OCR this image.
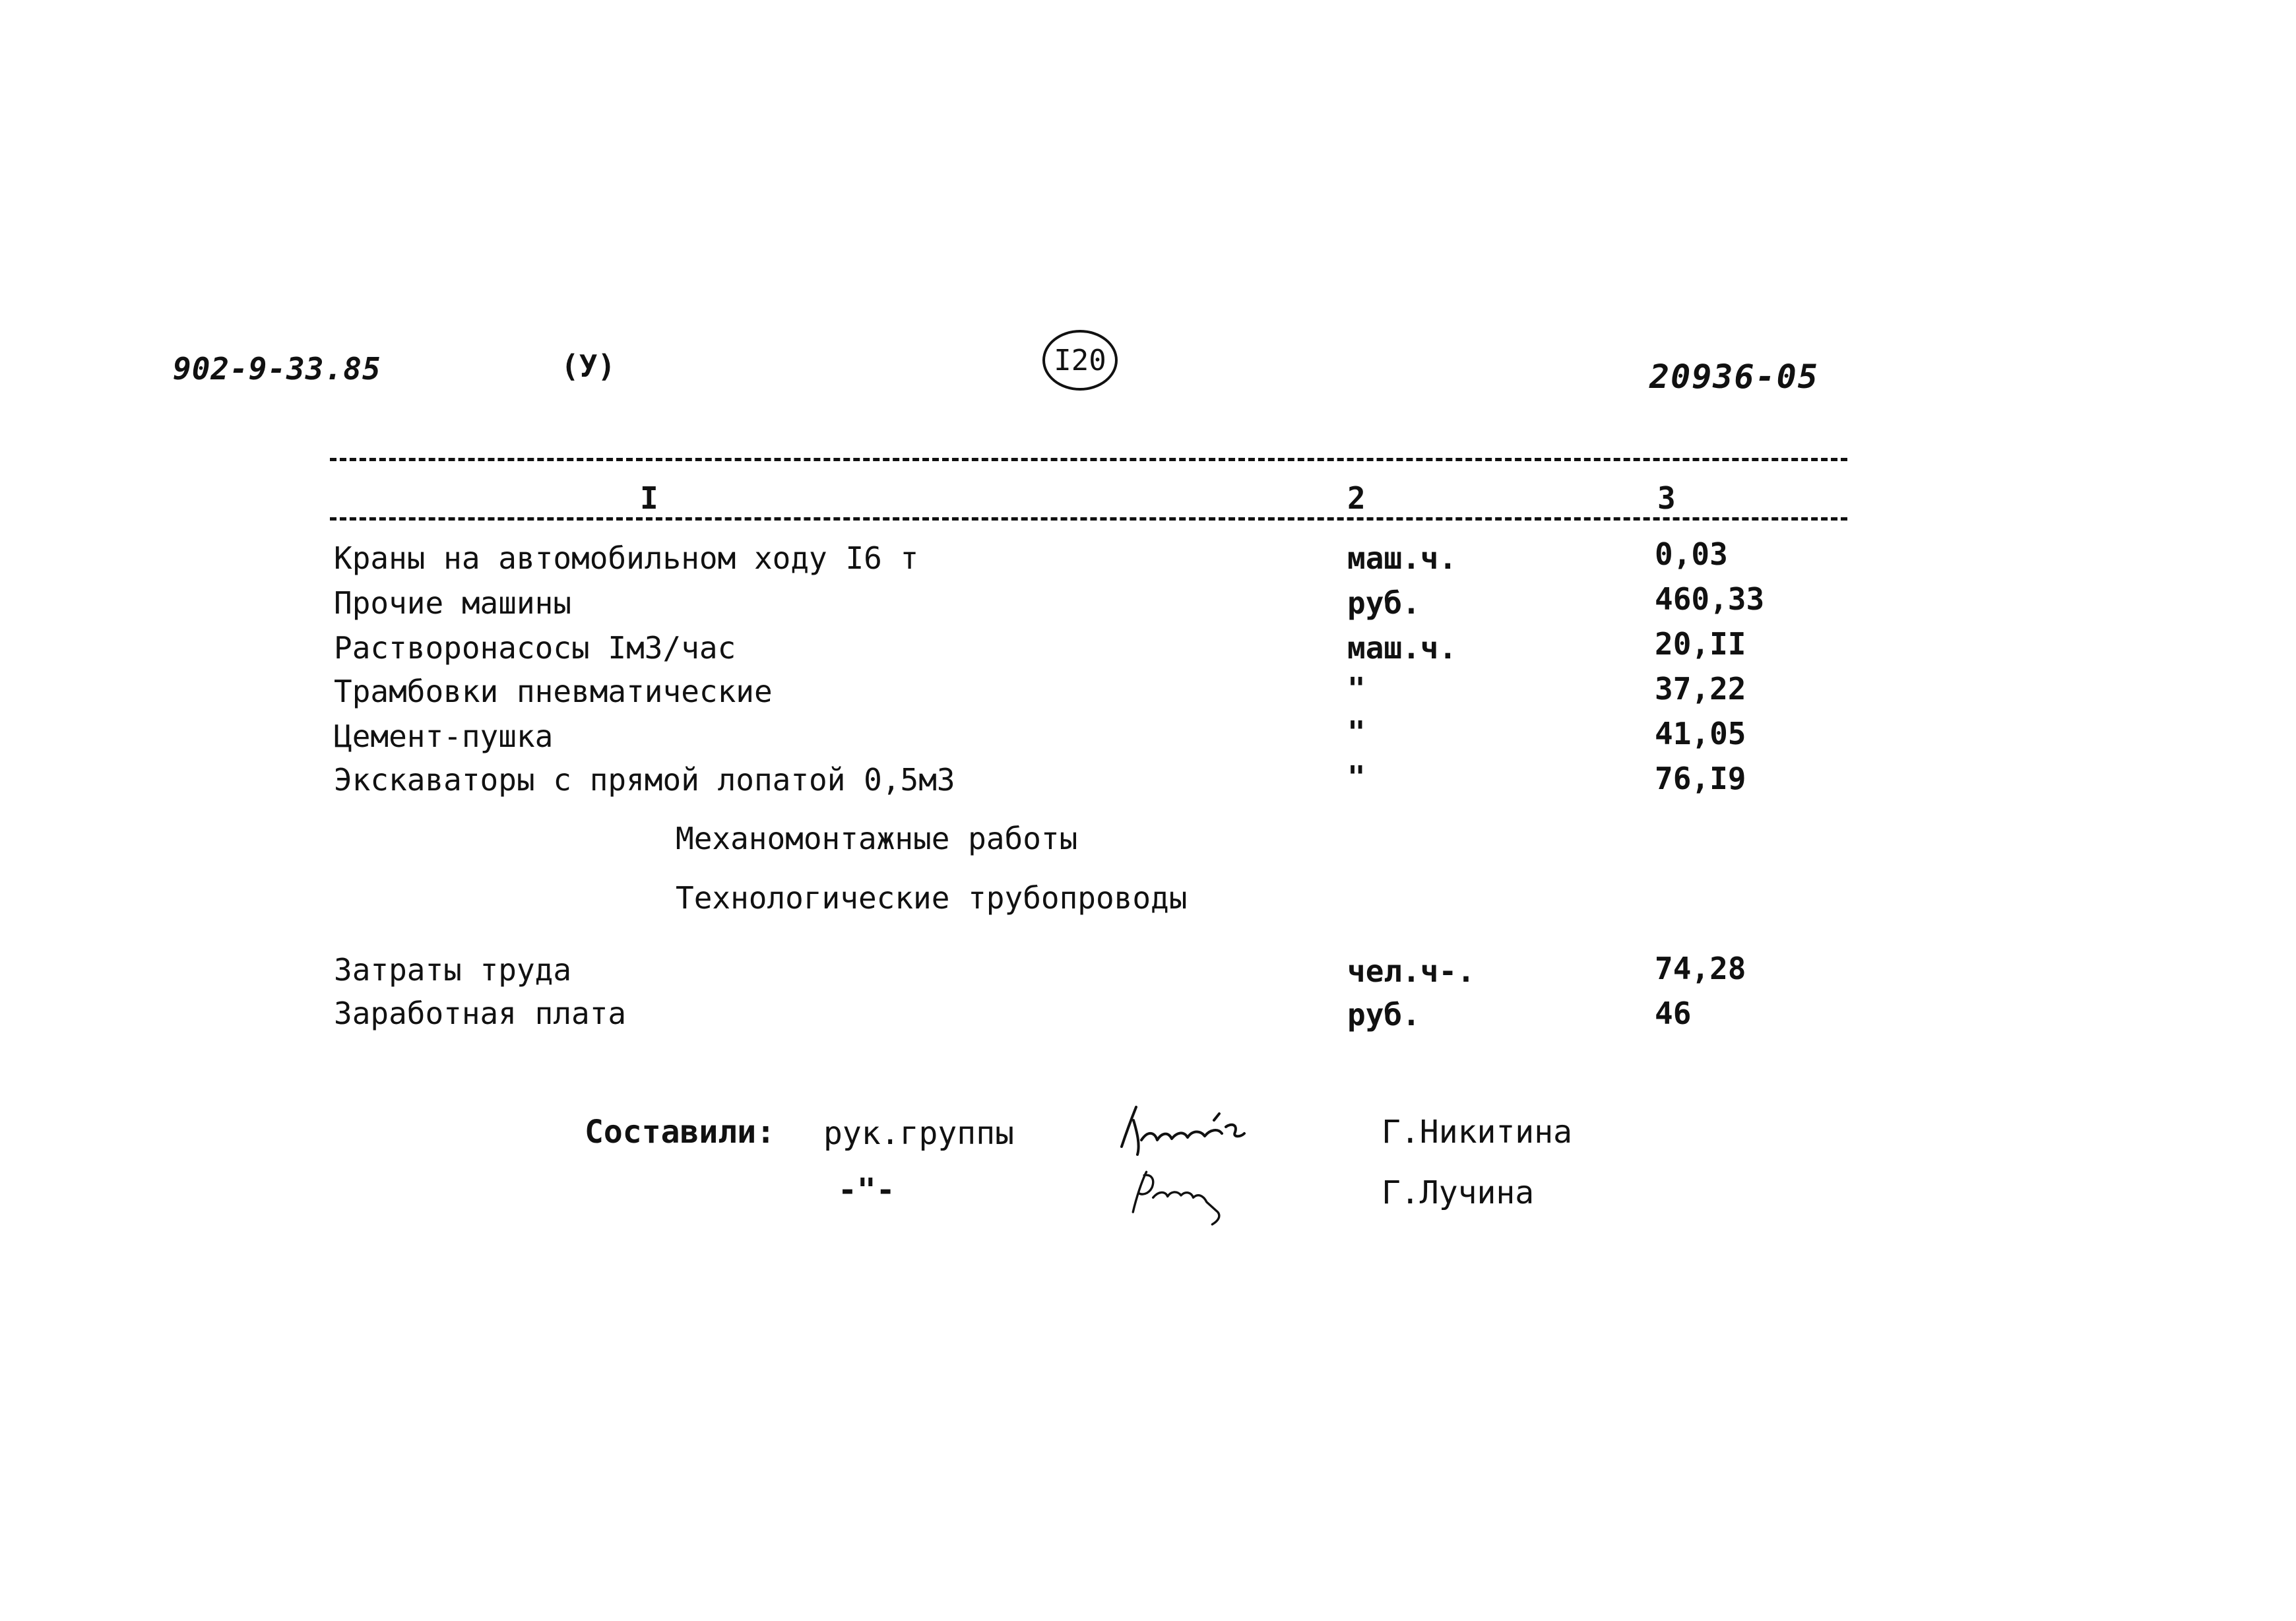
902-9-33.85	(У)	I20	20936-05
I	2	3
Краны на автомобильном ходу I6 т	маш.ч.	0,03
Прочие машины	руб.	460,33
Растворонасосы Iм3/час	маш.ч.	20,II
Трамбовки пневматические	"	37,22
Цемент-пушка	"	41,05
Экскаваторы с прямой лопатой 0,5м3	"	76,I9
Механомонтажные работы
Технологические трубопроводы
Затраты труда	чел.ч-.	74,28
Заработная плата	руб.	46
Составили: рук.группы
-"-
Г.Никитина
Г.Лучина
